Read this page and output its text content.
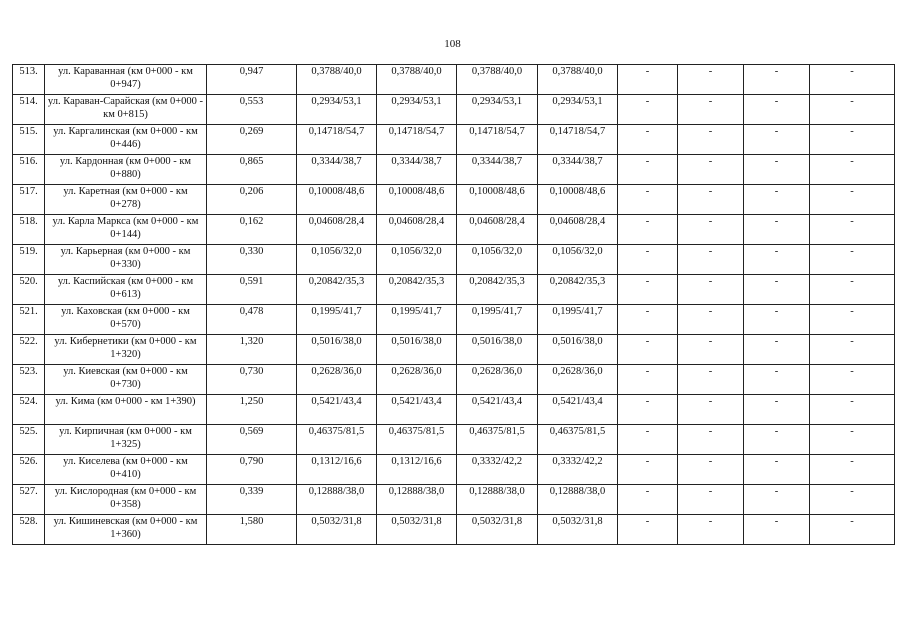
108
513.	ул. Караванная (км 0+000 - км 0+947)	0,947	0,3788/40,0	0,3788/40,0	0,3788/40,0	0,3788/40,0	-	-	-	-
514.	ул. Караван-Сарайская (км 0+000 - км 0+815)	0,553	0,2934/53,1	0,2934/53,1	0,2934/53,1	0,2934/53,1	-	-	-	-
515.	ул. Каргалинская (км 0+000 - км 0+446)	0,269	0,14718/54,7	0,14718/54,7	0,14718/54,7	0,14718/54,7	-	-	-	-
516.	ул. Кардонная (км 0+000 - км 0+880)	0,865	0,3344/38,7	0,3344/38,7	0,3344/38,7	0,3344/38,7	-	-	-	-
517.	ул. Каретная (км 0+000 - км 0+278)	0,206	0,10008/48,6	0,10008/48,6	0,10008/48,6	0,10008/48,6	-	-	-	-
518.	ул. Карла Маркса (км 0+000 - км 0+144)	0,162	0,04608/28,4	0,04608/28,4	0,04608/28,4	0,04608/28,4	-	-	-	-
519.	ул. Карьерная (км 0+000 - км 0+330)	0,330	0,1056/32,0	0,1056/32,0	0,1056/32,0	0,1056/32,0	-	-	-	-
520.	ул. Каспийская (км 0+000 - км 0+613)	0,591	0,20842/35,3	0,20842/35,3	0,20842/35,3	0,20842/35,3	-	-	-	-
521.	ул. Каховская (км 0+000 - км 0+570)	0,478	0,1995/41,7	0,1995/41,7	0,1995/41,7	0,1995/41,7	-	-	-	-
522.	ул. Кибернетики (км 0+000 - км 1+320)	1,320	0,5016/38,0	0,5016/38,0	0,5016/38,0	0,5016/38,0	-	-	-	-
523.	ул. Киевская (км 0+000 - км 0+730)	0,730	0,2628/36,0	0,2628/36,0	0,2628/36,0	0,2628/36,0	-	-	-	-
524.	ул. Кима (км 0+000 - км 1+390)	1,250	0,5421/43,4	0,5421/43,4	0,5421/43,4	0,5421/43,4	-	-	-	-
525.	ул. Кирпичная (км 0+000 - км 1+325)	0,569	0,46375/81,5	0,46375/81,5	0,46375/81,5	0,46375/81,5	-	-	-	-
526.	ул. Киселева (км 0+000 - км 0+410)	0,790	0,1312/16,6	0,1312/16,6	0,3332/42,2	0,3332/42,2	-	-	-	-
527.	ул. Кислородная (км 0+000 - км 0+358)	0,339	0,12888/38,0	0,12888/38,0	0,12888/38,0	0,12888/38,0	-	-	-	-
528.	ул. Кишиневская (км 0+000 - км 1+360)	1,580	0,5032/31,8	0,5032/31,8	0,5032/31,8	0,5032/31,8	-	-	-	-
